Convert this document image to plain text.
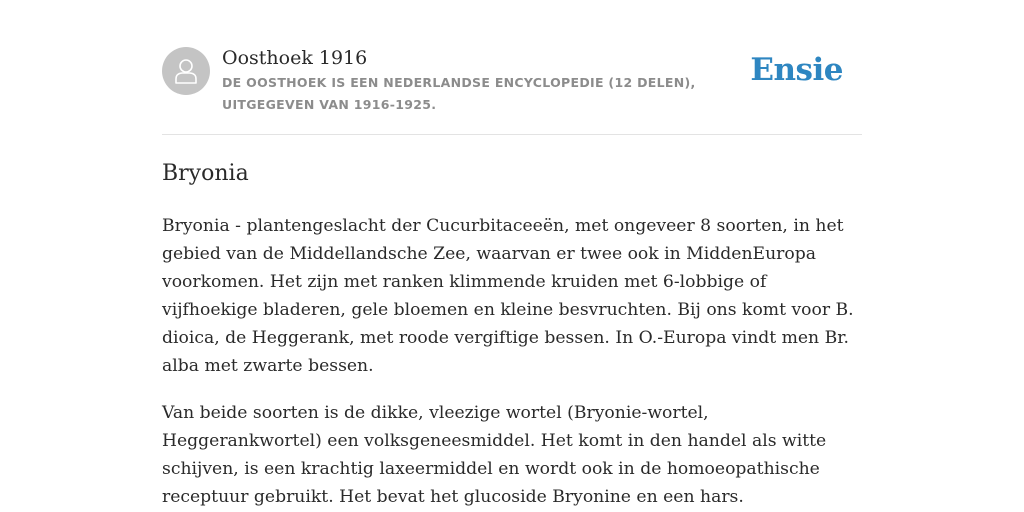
Oosthoek 1916
DE OOSTHOEK IS EEN NEDERLANDSE ENCYCLOPEDIE (12 DELEN), UITGEGEVEN VAN 1916-1925.
Ensie
Bryonia

Bryonia - plantengeslacht der Cucurbitaceeën, met ongeveer 8 soorten, in het gebied van de Middellandsche Zee, waarvan er twee ook in MiddenEuropa voorkomen. Het zijn met ranken klimmende kruiden met 6-lobbige of vijfhoekige bladeren, gele bloemen en kleine besvruchten. Bij ons komt voor B. dioica, de Heggerank, met roode vergiftige bessen. In O.-Europa vindt men Br. alba met zwarte bessen.

Van beide soorten is de dikke, vleezige wortel (Bryonie-wortel, Heggerankwortel) een volksgeneesmiddel. Het komt in den handel als witte schijven, is een krachtig laxeermiddel en wordt ook in de homoeopathische receptuur gebruikt. Het bevat het glucoside Bryonine en een hars.
